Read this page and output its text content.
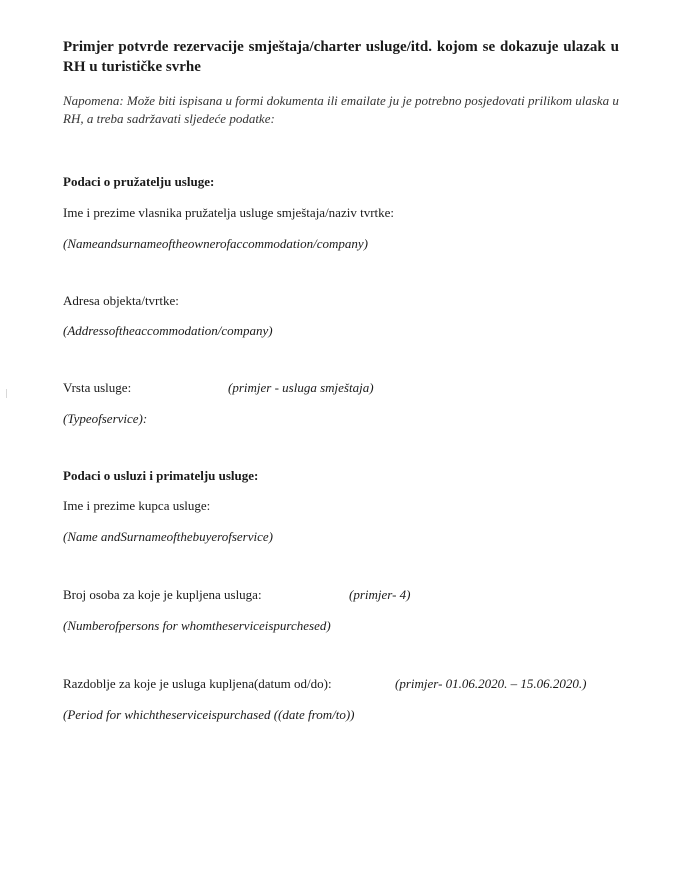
Primjer potvrde rezervacije smještaja/charter usluge/itd. kojom se dokazuje ulazak u RH u turističke svrhe

Napomena: Može biti ispisana u formi dokumenta ili emailate ju je potrebno posjedovati prilikom ulaska u RH, a treba sadržavati sljedeće podatke:

Podaci o pružatelju usluge:

Ime i prezime vlasnika pružatelja usluge smještaja/naziv tvrtke:

(Nameandsurnameoftheownerofaccommodation/company)

Adresa objekta/tvrtke:

(Addressoftheaccommodation/company)

Vrsta usluge:	(primjer - usluga smještaja)

(Typeofservice):

Podaci o usluzi i primatelju usluge:

Ime i prezime kupca usluge:

(Name andSurnameofthebuyerofservice)

Broj osoba za koje je kupljena usluga:	(primjer- 4)

(Numberofpersons for whomtheserviceispurchesed)

Razdoblje za koje je usluga kupljena(datum od/do):	(primjer- 01.06.2020. – 15.06.2020.)

(Period for whichtheserviceispurchased ((date from/to))
